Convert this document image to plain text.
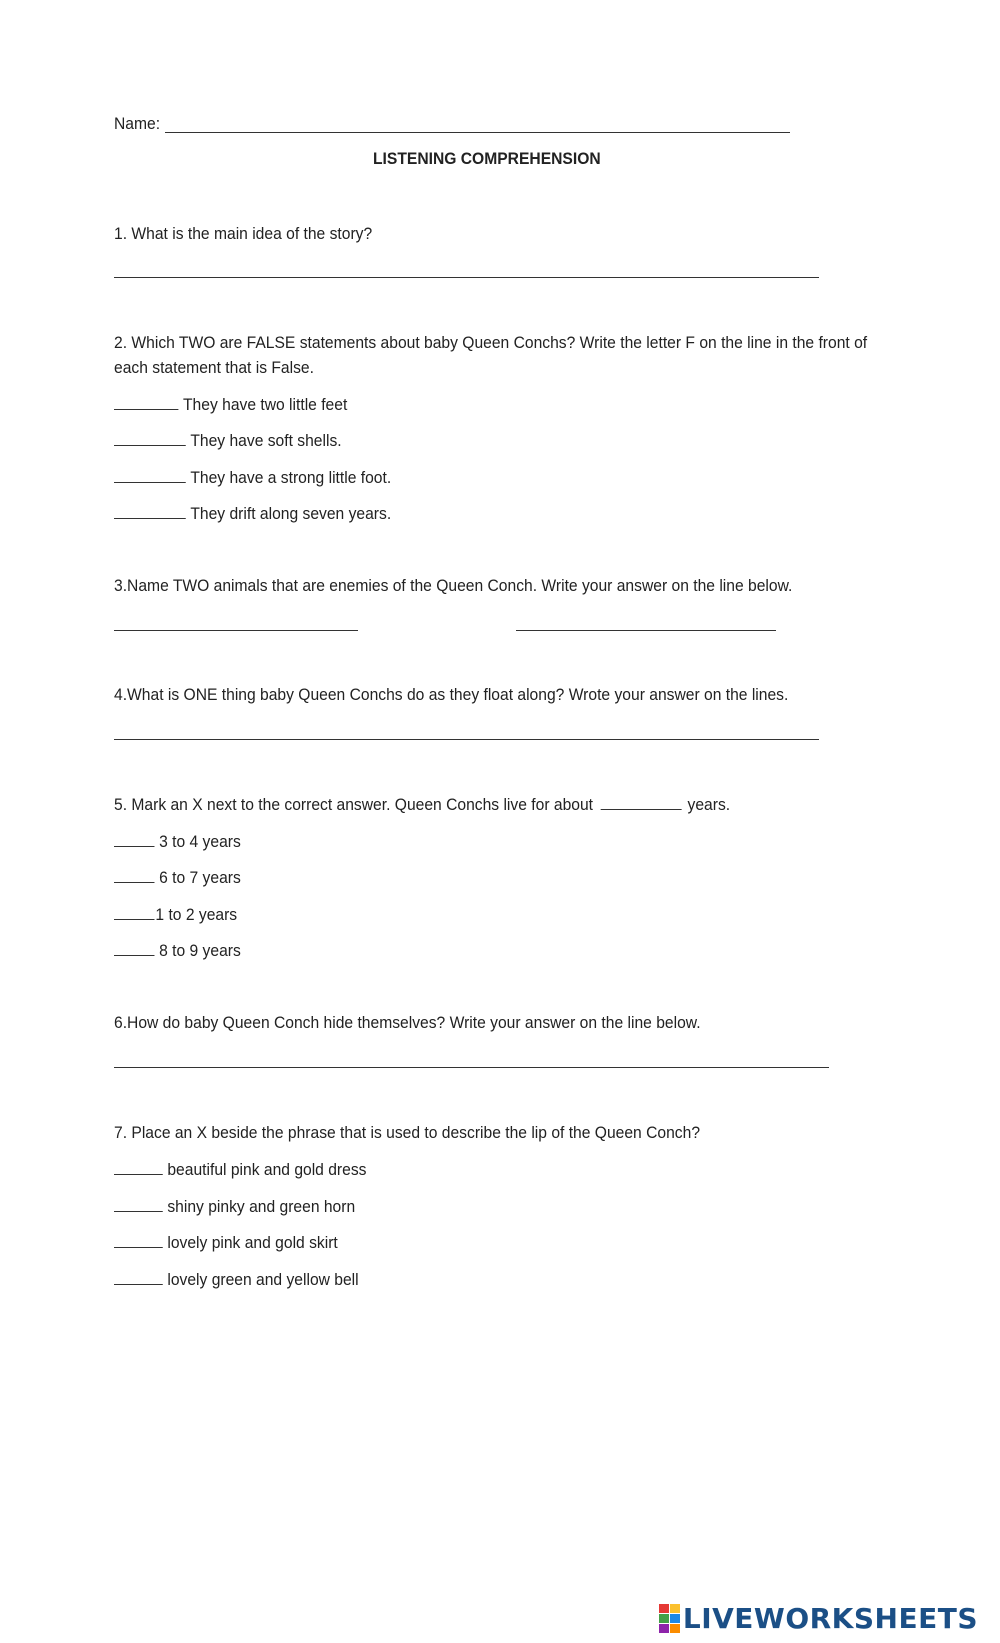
Name:
LISTENING COMPREHENSION
1. What is the main idea of the story?
2. Which TWO are FALSE statements about baby Queen Conchs? Write the letter F on the line in the front of each statement that is False.
They have two little feet
They have soft shells.
They have a strong little foot.
They drift along seven years.
3.Name TWO animals that are enemies of the Queen Conch. Write your answer on the line below.
4.What is ONE thing baby Queen Conchs do as they float along? Wrote your answer on the lines.
5. Mark an X next to the correct answer. Queen Conchs live for about	years.
3 to 4 years
6 to 7 years
1 to 2 years
8 to 9 years
6.How do baby Queen Conch hide themselves? Write your answer on the line below.
7. Place an X beside the phrase that is used to describe the lip of the Queen Conch?
beautiful pink and gold dress
shiny pinky and green horn
lovely pink and gold skirt
lovely green and yellow bell
LIVEWORKSHEETS
